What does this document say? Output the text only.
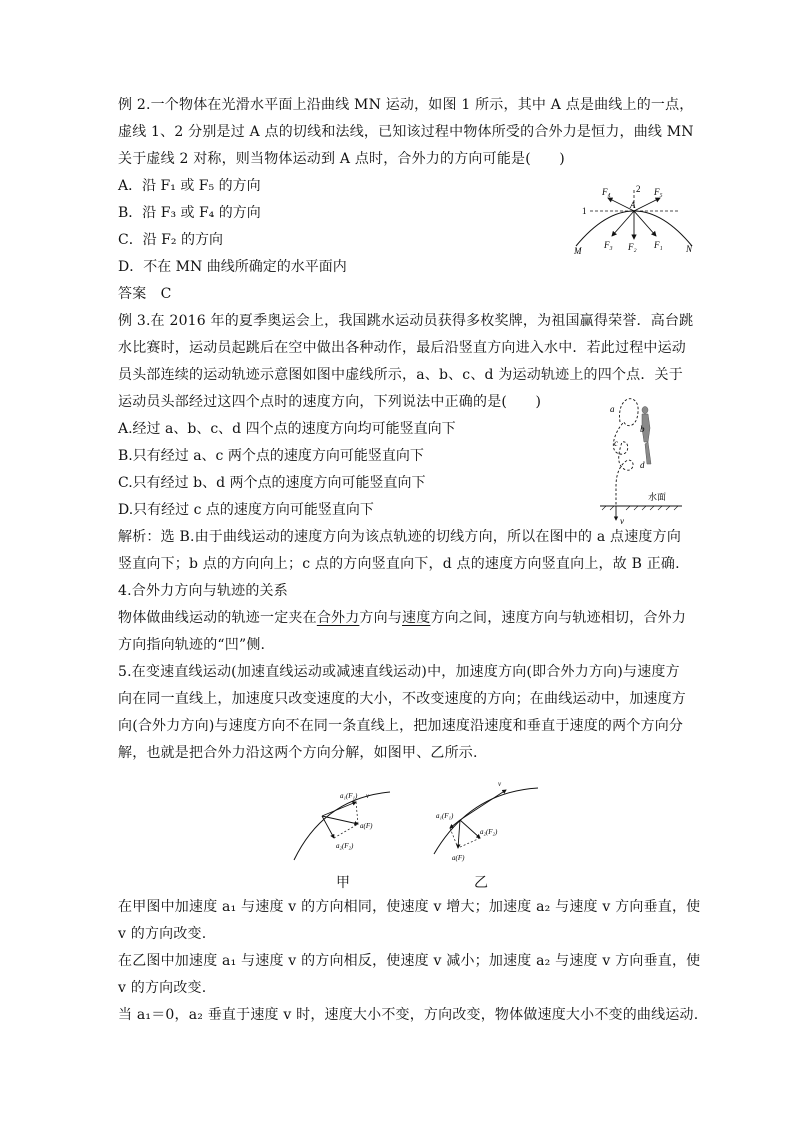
例 2.一个物体在光滑水平面上沿曲线 MN 运动，如图 1 所示，其中 A 点是曲线上的一点，
虚线 1、2 分别是过 A 点的切线和法线，已知该过程中物体所受的合外力是恒力，曲线 MN
关于虚线 2 对称，则当物体运动到 A 点时，合外力的方向可能是(　　)
A．沿 F₁ 或 F₅ 的方向
B．沿 F₃ 或 F₄ 的方向
C．沿 F₂ 的方向
D．不在 MN 曲线所确定的水平面内
答案　C
例 3.在 2016 年的夏季奥运会上，我国跳水运动员获得多枚奖牌，为祖国赢得荣誉．高台跳
水比赛时，运动员起跳后在空中做出各种动作，最后沿竖直方向进入水中．若此过程中运动
员头部连续的运动轨迹示意图如图中虚线所示，a、b、c、d 为运动轨迹上的四个点．关于
运动员头部经过这四个点时的速度方向，下列说法中正确的是(　　)
A.经过 a、b、c、d 四个点的速度方向均可能竖直向下
B.只有经过 a、c 两个点的速度方向可能竖直向下
C.只有经过 b、d 两个点的速度方向可能竖直向下
D.只有经过 c 点的速度方向可能竖直向下
解析：选 B.由于曲线运动的速度方向为该点轨迹的切线方向，所以在图中的 a 点速度方向
竖直向下；b 点的方向向上；c 点的方向竖直向下，d 点的速度方向竖直向上，故 B 正确.
4.合外力方向与轨迹的关系
物体做曲线运动的轨迹一定夹在合外力方向与速度方向之间，速度方向与轨迹相切，合外力
方向指向轨迹的“凹”侧.
5.在变速直线运动(加速直线运动或减速直线运动)中，加速度方向(即合外力方向)与速度方
向在同一直线上，加速度只改变速度的大小，不改变速度的方向；在曲线运动中，加速度方
向(合外力方向)与速度方向不在同一条直线上，把加速度沿速度和垂直于速度的两个方向分
解，也就是把合外力沿这两个方向分解，如图甲、乙所示.
F₄	2 F₅
A
1
M
F₃ F₂ F₁	N
a
b
c
d
水面
v
a₁(F₁) v
a(F)
a₂(F₂)
甲
v
a₁(F₁)
a₂(F₂)
a(F)
乙
在甲图中加速度 a₁ 与速度 v 的方向相同，使速度 v 增大；加速度 a₂ 与速度 v 方向垂直，使
v 的方向改变.
在乙图中加速度 a₁ 与速度 v 的方向相反，使速度 v 减小；加速度 a₂ 与速度 v 方向垂直，使
v 的方向改变.
当 a₁＝0，a₂ 垂直于速度 v 时，速度大小不变，方向改变，物体做速度大小不变的曲线运动.
